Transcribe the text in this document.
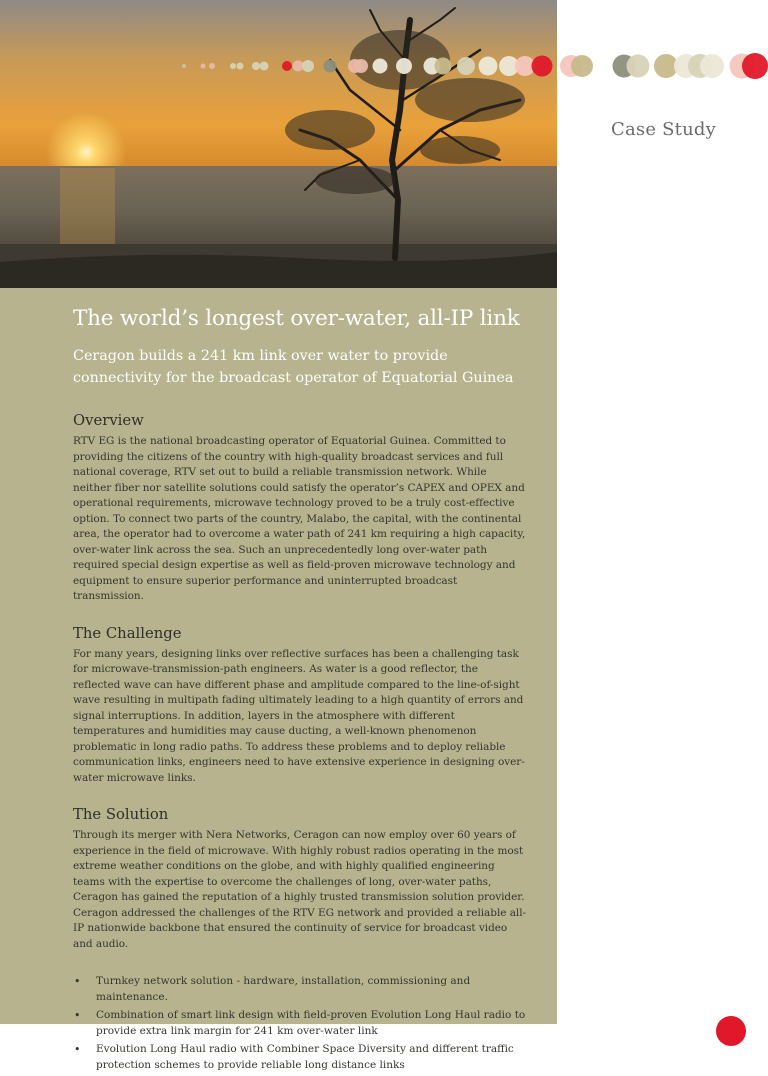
Case Study
The world’s longest over-water, all-IP link

Ceragon builds a 241 km link over water to provide connectivity for the broadcast operator of Equatorial Guinea

Overview

RTV EG is the national broadcasting operator of Equatorial Guinea. Committed to providing the citizens of the country with high-quality broadcast services and full national coverage, RTV set out to build a reliable transmission network. While neither fiber nor satellite solutions could satisfy the operator’s CAPEX and OPEX and operational requirements, microwave technology proved to be a truly cost-effective option. To connect two parts of the country, Malabo, the capital, with the continental area, the operator had to overcome a water path of 241 km requiring a high capacity, over-water link across the sea. Such an unprecedentedly long over-water path required special design expertise as well as field-proven microwave technology and equipment to ensure superior performance and uninterrupted broadcast transmission.

The Challenge

For many years, designing links over reflective surfaces has been a challenging task for microwave-transmission-path engineers. As water is a good reflector, the reflected wave can have different phase and amplitude compared to the line-of-sight wave resulting in multipath fading ultimately leading to a high quantity of errors and signal interruptions. In addition, layers in the atmosphere with different temperatures and humidities may cause ducting, a well-known phenomenon problematic in long radio paths. To address these problems and to deploy reliable communication links, engineers need to have extensive experience in designing over-water microwave links.

The Solution

Through its merger with Nera Networks, Ceragon can now employ over 60 years of experience in the field of microwave. With highly robust radios operating in the most extreme weather conditions on the globe, and with highly qualified engineering teams with the expertise to overcome the challenges of long, over-water paths, Ceragon has gained the reputation of a highly trusted transmission solution provider. Ceragon addressed the challenges of the RTV EG network and provided a reliable all-IP nationwide backbone that ensured the continuity of service for broadcast video and audio.

• Turnkey network solution - hardware, installation, commissioning and maintenance.
• Combination of smart link design with field-proven Evolution Long Haul radio to provide extra link margin for 241 km over-water link
• Evolution Long Haul radio with Combiner Space Diversity and different traffic protection schemes to provide reliable long distance links
